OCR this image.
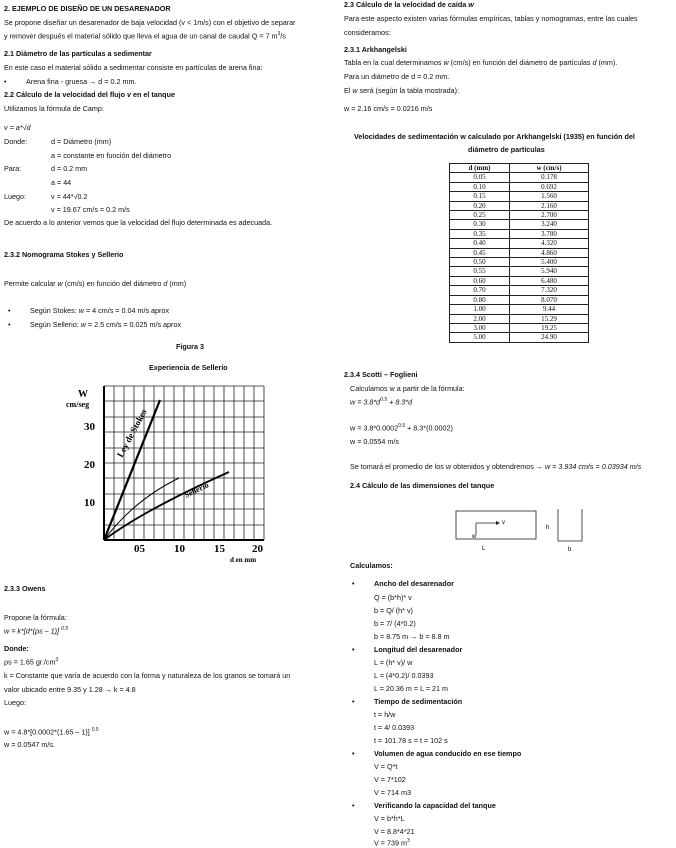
2. EJEMPLO DE DISEÑO DE UN DESARENADOR
Se propone diseñar un desarenador de baja velocidad (v < 1m/s) con el objetivo de separar
y remover después el material sólido que lleva el agua de un canal de caudal Q = 7 $m^3/s$
2.1 Diámetro de las partículas a sedimentar
En este caso el material sólido a sedimentar consiste en partículas de arena fina:
• Arena fina - gruesa → d = 0.2 mm.
2.2 Cálculo de la velocidad del flujo v en el tanque
Utilizamos la fórmula de Camp:
v = a*√d
Donde:	d = Diámetro (mm)
a = constante en función del diámetro
Para:	d = 0.2 mm
a = 44
Luego:	v = 44*√0.2
v = 19.67 cm/s = 0.2 m/s
De acuerdo a lo anterior vemos que la velocidad del flujo determinada es adecuada.
2.3.2 Nomograma Stokes y Sellerio
Permite calcular w (cm/s) en función del diámetro d (mm)
• Según Stokes: w = 4 cm/s = 0.04 m/s aprox
• Según Sellerio: w = 2.5 cm/s = 0.025 m/s aprox
Figura 3
Experiencia de Sellerio
Ley de Stokes
Sellerio
W
cm/seg
30
20
10
05	10	15 20
d en mm
2.3.3 Owens
Propone la fórmula:
w = k*[d*(ρs – 1)] $^{0.5}$
Donde:
ρs = 1.65 $gr./cm^3$
k = Constante que varía de acuerdo con la forma y naturaleza de los granos se tomará un
valor ubicado entre 9.35 y 1.28 → k = 4.8
Luego:
w = 4.8*[0.0002*(1.65 – 1)] $^{0.5}$
w = 0.0547 m/s.
2.3 Cálculo de la velocidad de caída w
Para este aspecto existen varias fórmulas empíricas, tablas y nomogramas, entre las cuales
consideramos:
2.3.1 Arkhangelski
Tabla en la cual determinamos w (cm/s) en función del diámetro de partículas d (mm).
Para un diámetro de d = 0.2 mm.
El w será (según la tabla mostrada):
w = 2.16 cm/s = 0.0216 m/s
Velocidades de sedimentación w calculado por Arkhangelski (1935) en función del
diámetro de partículas
d (mm)	w (cm/s)
0.05	0.178
0.10	0.692
0.15	1.560
0.20	2.160
0.25	2.700
0.30	3.240
0.35	3.780
0.40	4.320
0.45	4.860
0.50	5.400
0.55	5.940
0.60	6.480
0.70	7.320
0.80	8.070
1.00	9.44
2.00	15.29
3.00	19.25
5.00	24.90
2.3.4 Scotti – Foglieni
Calculamos w a partir de la fórmula:
$w = 3.8*d^{0.5} + 8.3*d$
$w = 3.8*0.0002^{0.5} + 8.3*(0.0002)$
w = 0.0554 m/s
Se tomará el promedio de los w obtenidos y obtendremos → w = 3.934 cm/s = 0.03934 m/s
2.4 Cálculo de las dimensiones del tanque
v
w
L
h
b
Calculamos:
• Ancho del desarenador
Q = (b*h)* v
b = Q/ (h* v)
b = 7/ (4*0.2)
b = 8.75 m → b = 8.8 m
• Longitud del desarenador
L = (h* v)/ w
L = (4*0.2)/ 0.0393
L = 20.36 m = L = 21 m
• Tiempo de sedimentación
t = h/w
t = 4/ 0.0393
t = 101.78 s = t = 102 s
• Volumen de agua conducido en ese tiempo
V = Q*t
V = 7*102
V = 714 m3
• Verificando la capacidad del tanque
V = b*h*L
V = 8.8*4*21
V = 739 $m^3$
